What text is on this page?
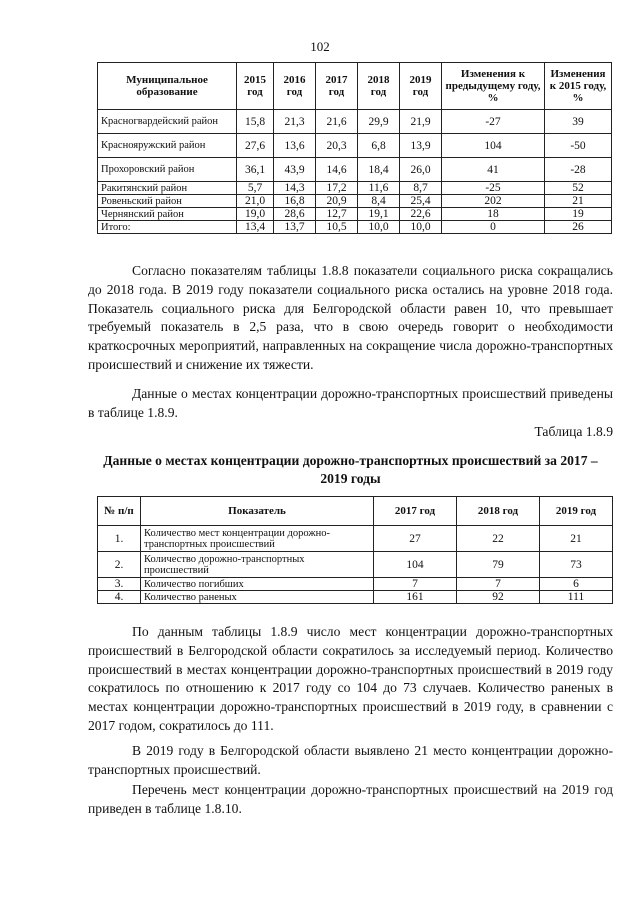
102
Муниципальное образование	2015 год	2016 год	2017 год	2018 год	2019 год	Изменения к предыдущему году, %	Изменения к 2015 году, %
Красногвардейский район	15,8	21,3	21,6	29,9	21,9	-27	39
Краснояружский район	27,6	13,6	20,3	6,8	13,9	104	-50
Прохоровский район	36,1	43,9	14,6	18,4	26,0	41	-28
Ракитянский район	5,7	14,3	17,2	11,6	8,7	-25	52
Ровеньский район	21,0	16,8	20,9	8,4	25,4	202	21
Чернянский район	19,0	28,6	12,7	19,1	22,6	18	19
Итого:	13,4	13,7	10,5	10,0	10,0	0	26

Согласно показателям таблицы 1.8.8 показатели социального риска сокращались до 2018 года. В 2019 году показатели социального риска остались на уровне 2018 года. Показатель социального риска для Белгородской области равен 10, что превышает требуемый показатель в 2,5 раза, что в свою очередь говорит о необходимости краткосрочных мероприятий, направленных на сокращение числа дорожно-транспортных происшествий и снижение их тяжести.

Данные о местах концентрации дорожно-транспортных происшествий приведены в таблице 1.8.9.

Таблица 1.8.9

Данные о местах концентрации дорожно-транспортных происшествий за 2017 – 2019 годы

№ п/п	Показатель	2017 год	2018 год	2019 год
1.	Количество мест концентрации дорожно-транспортных происшествий	27	22	21
2.	Количество дорожно-транспортных происшествий	104	79	73
3.	Количество погибших	7	7	6
4.	Количество раненых	161	92	111

По данным таблицы 1.8.9 число мест концентрации дорожно-транспортных происшествий в Белгородской области сократилось за исследуемый период. Количество происшествий в местах концентрации дорожно-транспортных происшествий в 2019 году сократилось по отношению к 2017 году со 104 до 73 случаев. Количество раненых в местах концентрации дорожно-транспортных происшествий в 2019 году, в сравнении с 2017 годом, сократилось до 111.

В 2019 году в Белгородской области выявлено 21 место концентрации дорожно-транспортных происшествий.

Перечень мест концентрации дорожно-транспортных происшествий на 2019 год приведен в таблице 1.8.10.
